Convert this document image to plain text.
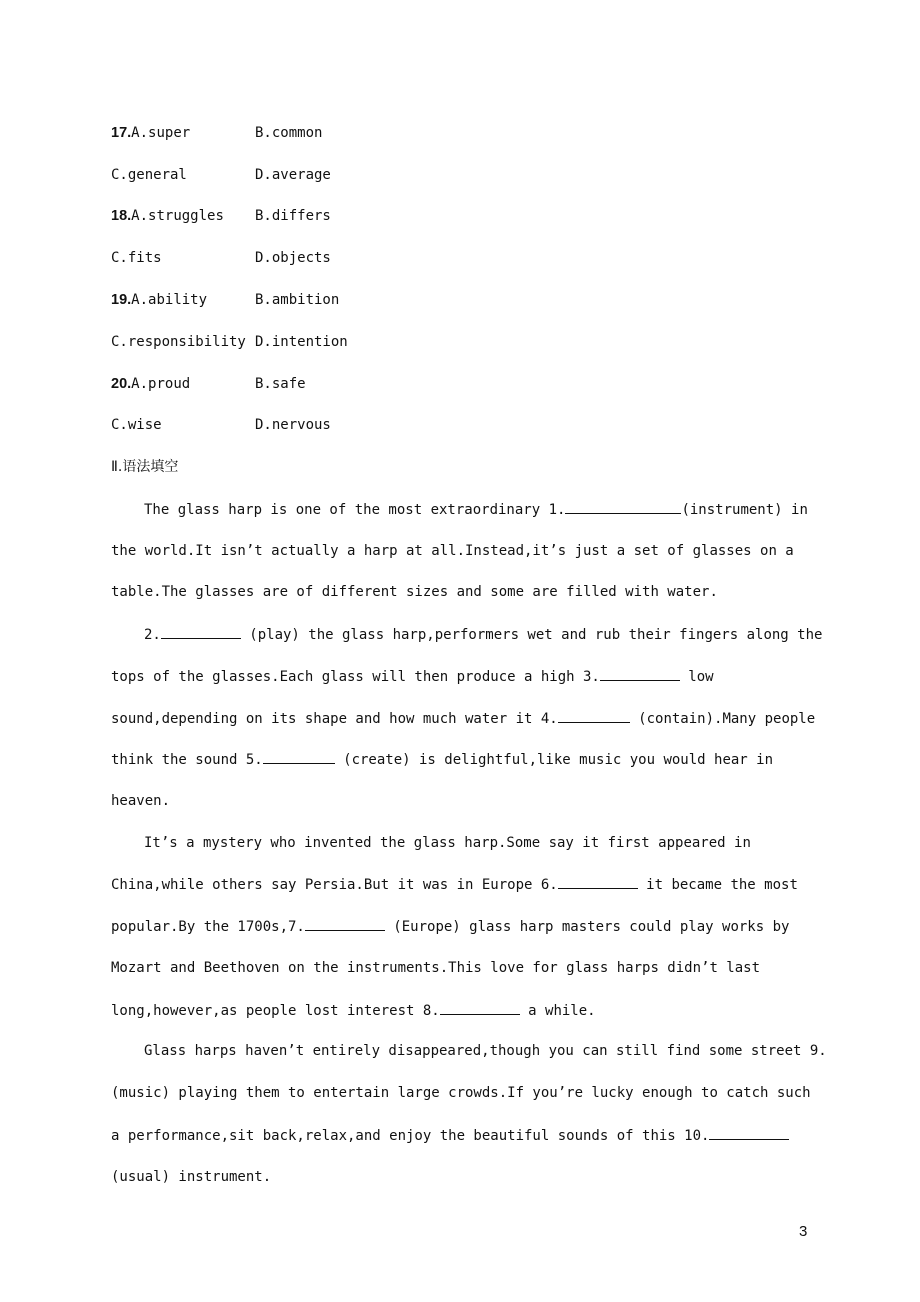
17.A.super	B.common
C.general	D.average
18.A.struggles B.differs
C.fits	D.objects
19.A.ability	B.ambition
C.responsibility D.intention
20.A.proud	B.safe
C.wise	D.nervous
Ⅱ.语法填空
The glass harp is one of the most extraordinary 1.	(instrument) in
the world.It isn’t actually a harp at all.Instead,it’s just a set of glasses on a
table.The glasses are of different sizes and some are filled with water.
2.	(play) the glass harp,performers wet and rub their fingers along the
tops of the glasses.Each glass will then produce a high 3.	low
sound,depending on its shape and how much water it 4.	(contain).Many people
think the sound 5.	(create) is delightful,like music you would hear in
heaven.
It’s a mystery who invented the glass harp.Some say it first appeared in
China,while others say Persia.But it was in Europe 6.	it became the most
popular.By the 1700s,7.	(Europe) glass harp masters could play works by
Mozart and Beethoven on the instruments.This love for glass harps didn’t last
long,however,as people lost interest 8.	a while.
Glass harps haven’t entirely disappeared,though you can still find some street 9.
(music) playing them to entertain large crowds.If you’re lucky enough to catch such
a performance,sit back,relax,and enjoy the beautiful sounds of this 10.
(usual) instrument.
3
